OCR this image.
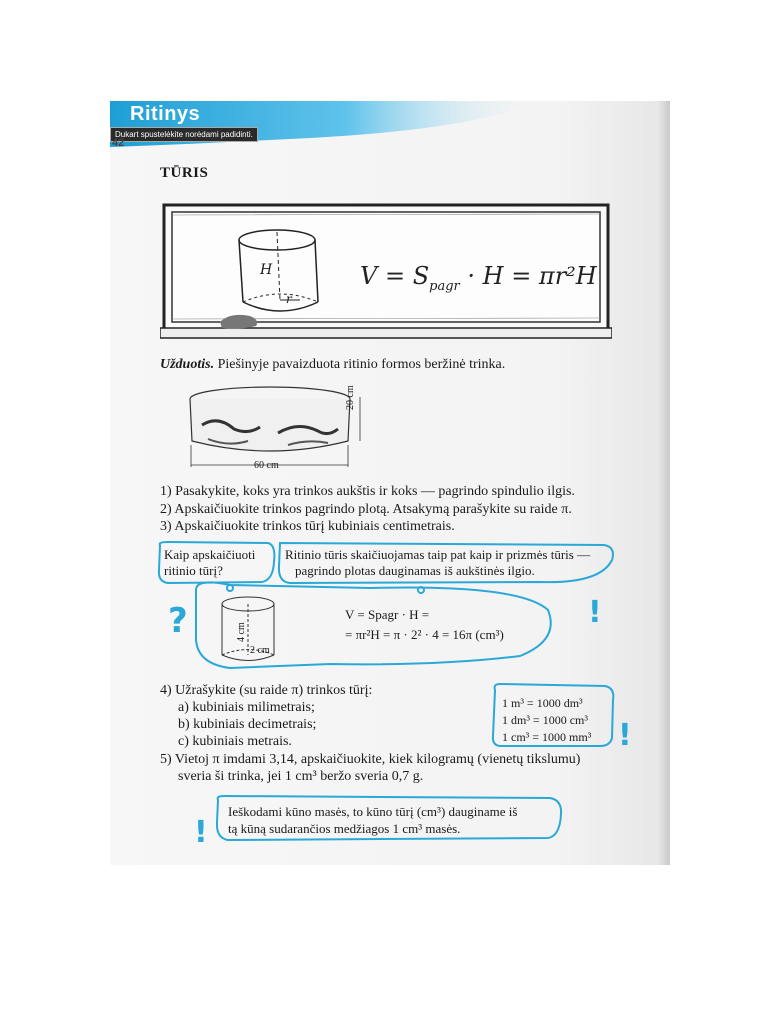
Ritinys
Dukart spustelėkite norėdami padidinti.
42
TŪRIS
H
r
$V = S_{pagr} \cdot H = \pi r^2H$
Užduotis. Piešinyje pavaizduota ritinio formos beržinė trinka.
20 cm
60 cm
1) Pasakykite, koks yra trinkos aukštis ir koks — pagrindo spindulio ilgis.
2) Apskaičiuokite trinkos pagrindo plotą. Atsakymą parašykite su raide π.
3) Apskaičiuokite trinkos tūrį kubiniais centimetrais.
?	!
!
!
Kaip apskaičiuoti
ritinio tūrį?
Ritinio tūris skaičiuojamas taip pat kaip ir prizmės tūris —
pagrindo plotas dauginamas iš aukštinės ilgio.
V = Spagr · H =
= πr²H = π · 2² · 4 = 16π (cm³)
4 cm
2 cm
4) Užrašykite (su raide π) trinkos tūrį:
a) kubiniais milimetrais;
b) kubiniais decimetrais;
c) kubiniais metrais.
1 m³ = 1000 dm³
1 dm³ = 1000 cm³
1 cm³ = 1000 mm³
5) Vietoj π imdami 3,14, apskaičiuokite, kiek kilogramų (vienetų tikslumu)
sveria ši trinka, jei 1 cm³ beržo sveria 0,7 g.
Ieškodami kūno masės, to kūno tūrį (cm³) dauginame iš
tą kūną sudarančios medžiagos 1 cm³ masės.
